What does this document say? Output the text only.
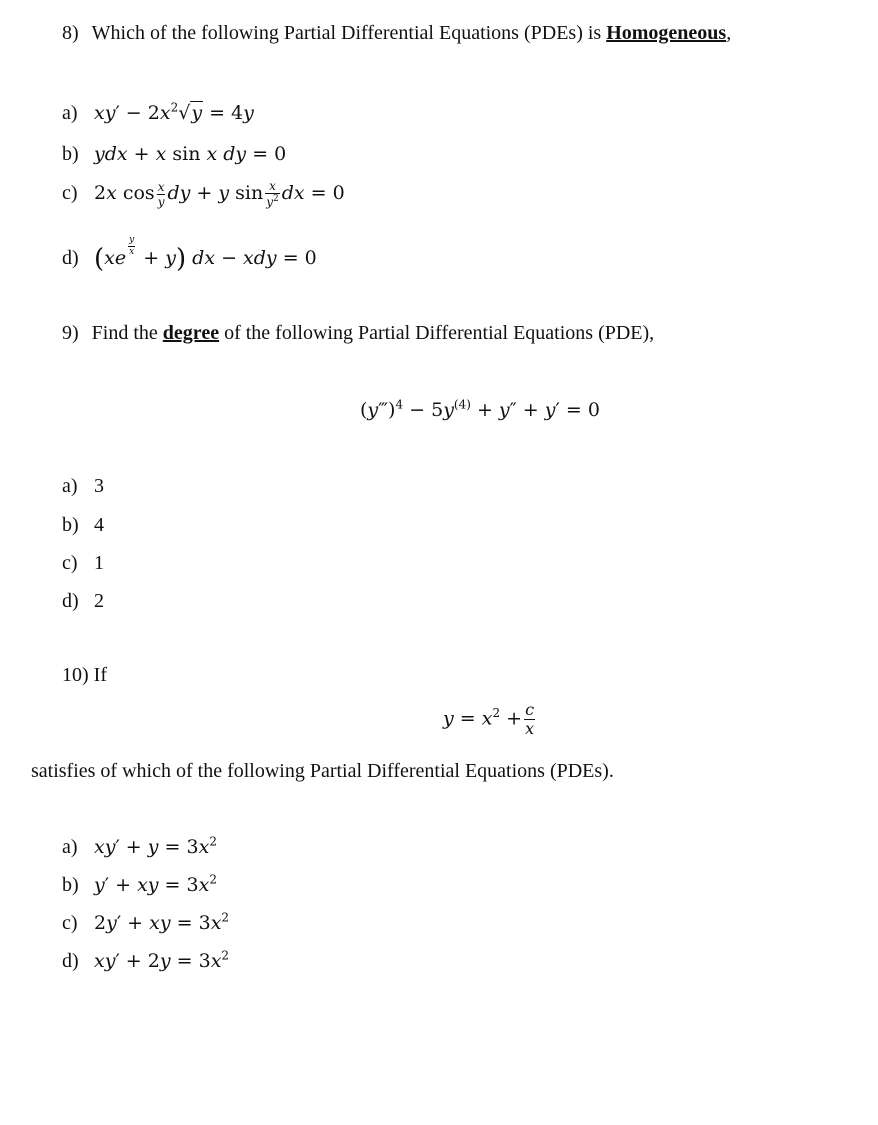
8) Which of the following Partial Differential Equations (PDEs) is Homogeneous,
a) $xy' - 2x^2√y = 4y$
b) ydx + x sin x dy = 0
c) 2x $\cos \frac{x}{y}$ dy + y $\sin \frac{x}{y^2}$ dx = 0
d) (xe
$\frac{y}{x}$
+ y) dx − xdy = 0
9) Find the degree of the following Partial Differential Equations (PDE),
(y‴)$^4$ − $5y^{(4)} + y'' + y' = 0$
a) 3
b) 4
c) 1
d) 2
10) If
$y = x^2 + \frac{c}{x}$
satisfies of which of the following Partial Differential Equations (PDEs).
a) $xy' + y = 3x^2$
b) y′ + xy = $3x^2$
c) 2y′ + xy = $3x^2$
d) $xy' + 2y = 3x^2$
